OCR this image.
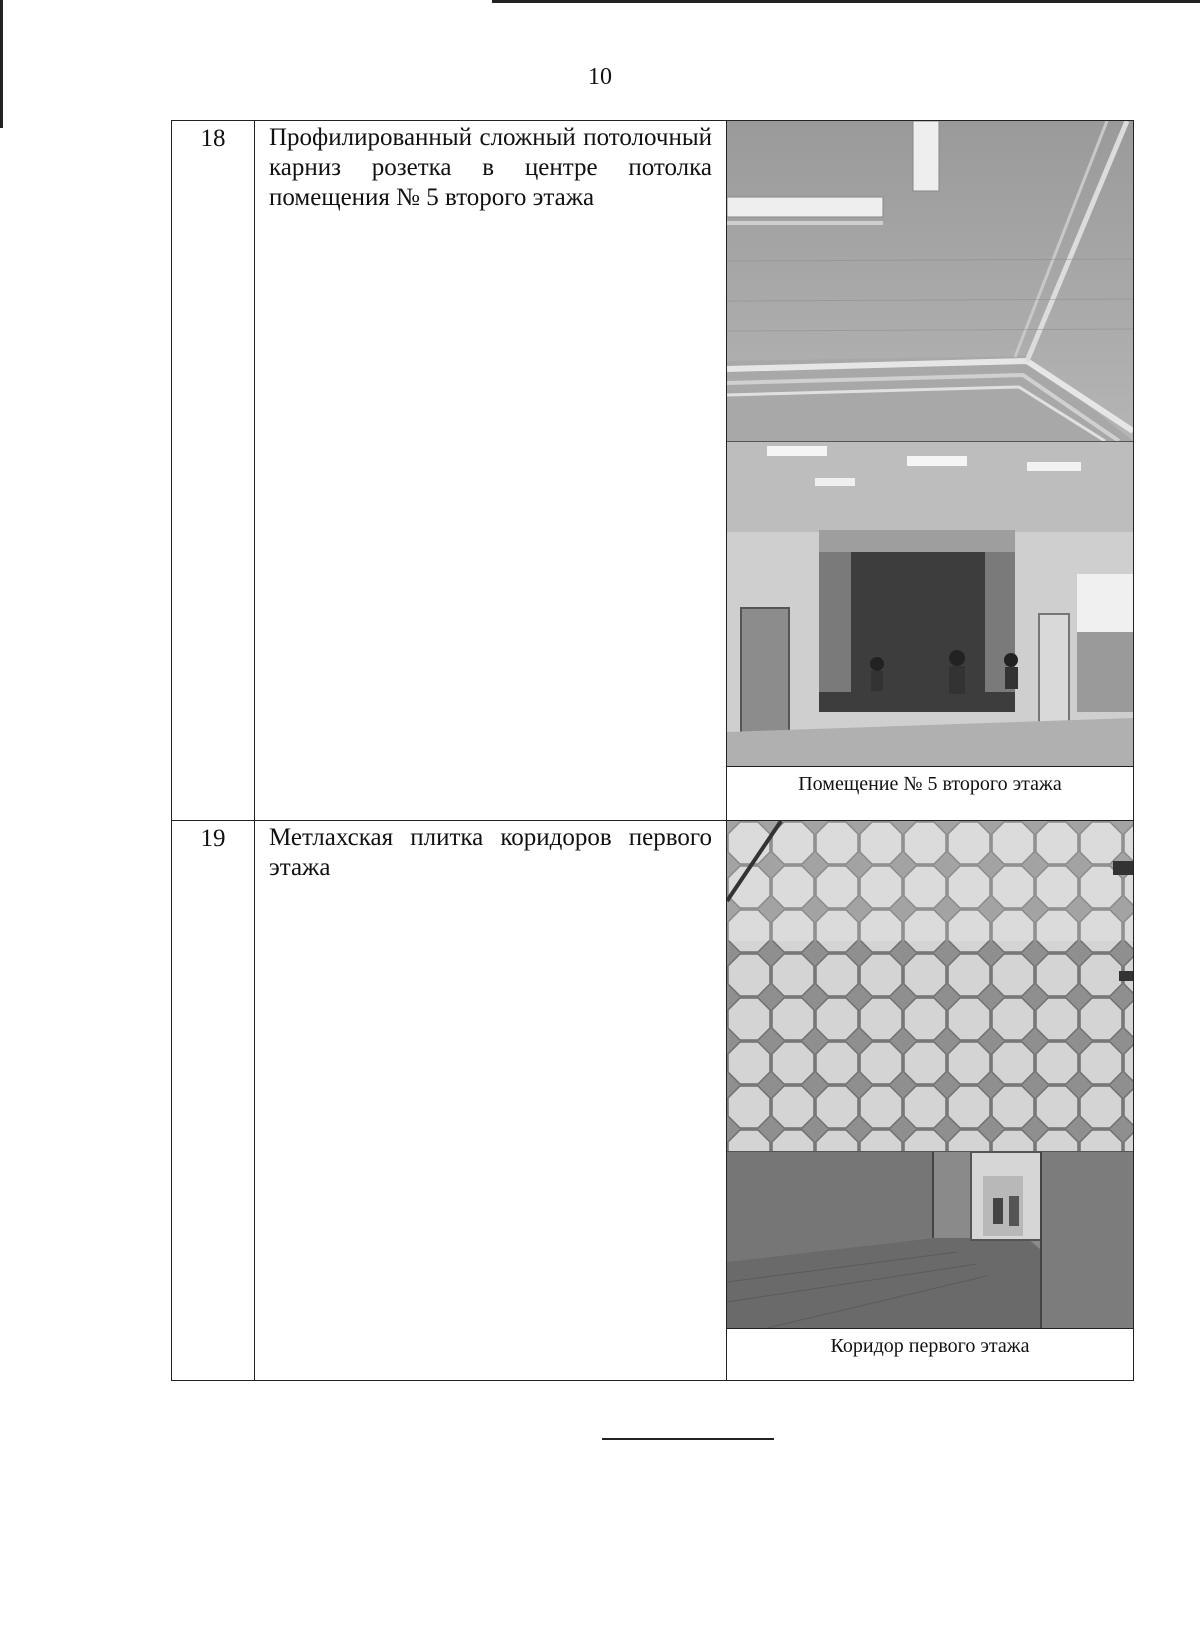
10
18	Профилированный сложный потолочный карниз розетка в центре потолка помещения № 5 второго этажа	Помещение № 5 второго этажа

19	Метлахская плитка коридоров первого этажа	Коридор первого этажа
